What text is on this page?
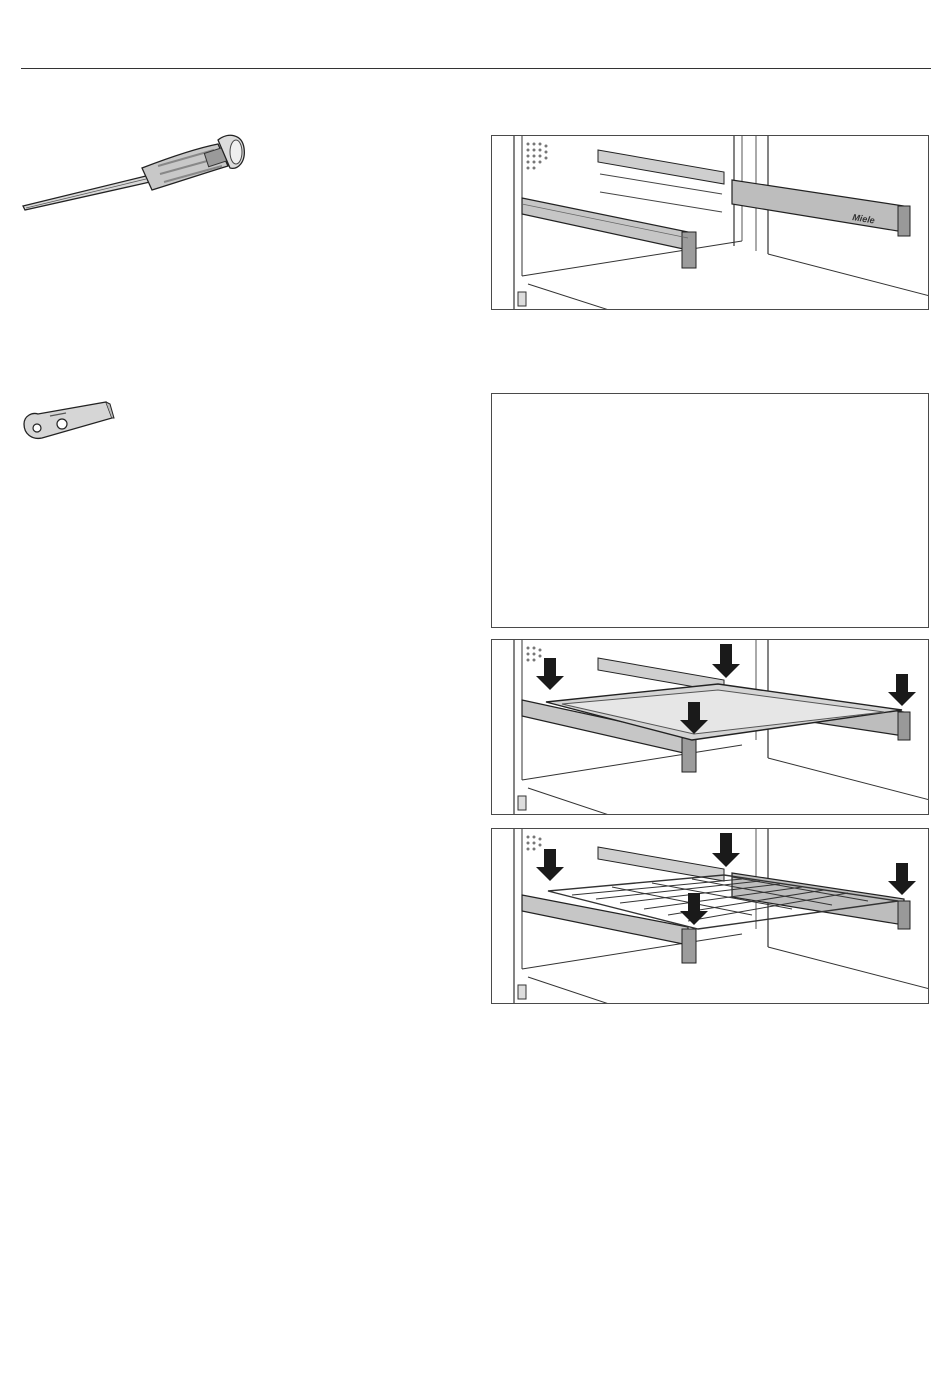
Miele
